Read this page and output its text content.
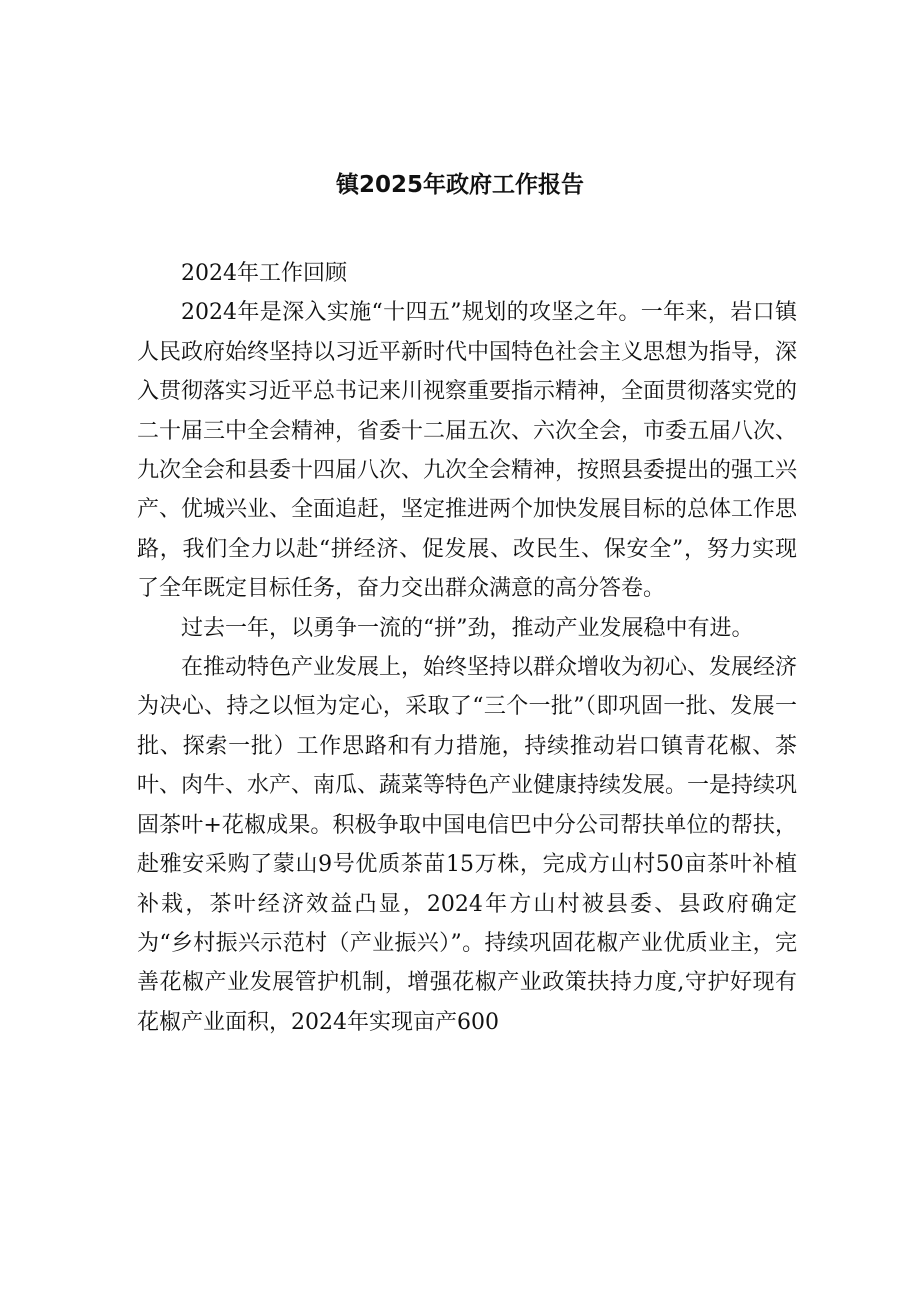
镇2025年政府工作报告

2024年工作回顾

2024年是深入实施“十四五”规划的攻坚之年。一年来，岩口镇人民政府始终坚持以习近平新时代中国特色社会主义思想为指导，深入贯彻落实习近平总书记来川视察重要指示精神，全面贯彻落实党的二十届三中全会精神，省委十二届五次、六次全会，市委五届八次、九次全会和县委十四届八次、九次全会精神，按照县委提出的强工兴产、优城兴业、全面追赶，坚定推进两个加快发展目标的总体工作思路，我们全力以赴“拼经济、促发展、改民生、保安全”，努力实现了全年既定目标任务，奋力交出群众满意的高分答卷。

过去一年，以勇争一流的“拼”劲，推动产业发展稳中有进。

在推动特色产业发展上，始终坚持以群众增收为初心、发展经济为决心、持之以恒为定心，采取了“三个一批”（即巩固一批、发展一批、探索一批）工作思路和有力措施，持续推动岩口镇青花椒、茶叶、肉牛、水产、南瓜、蔬菜等特色产业健康持续发展。一是持续巩固茶叶+花椒成果。积极争取中国电信巴中分公司帮扶单位的帮扶，赴雅安采购了蒙山9号优质茶苗15万株，完成方山村50亩茶叶补植补栽，茶叶经济效益凸显，2024年方山村被县委、县政府确定为“乡村振兴示范村（产业振兴）”。持续巩固花椒产业优质业主，完善花椒产业发展管护机制，增强花椒产业政策扶持力度,守护好现有花椒产业面积，2024年实现亩产600
